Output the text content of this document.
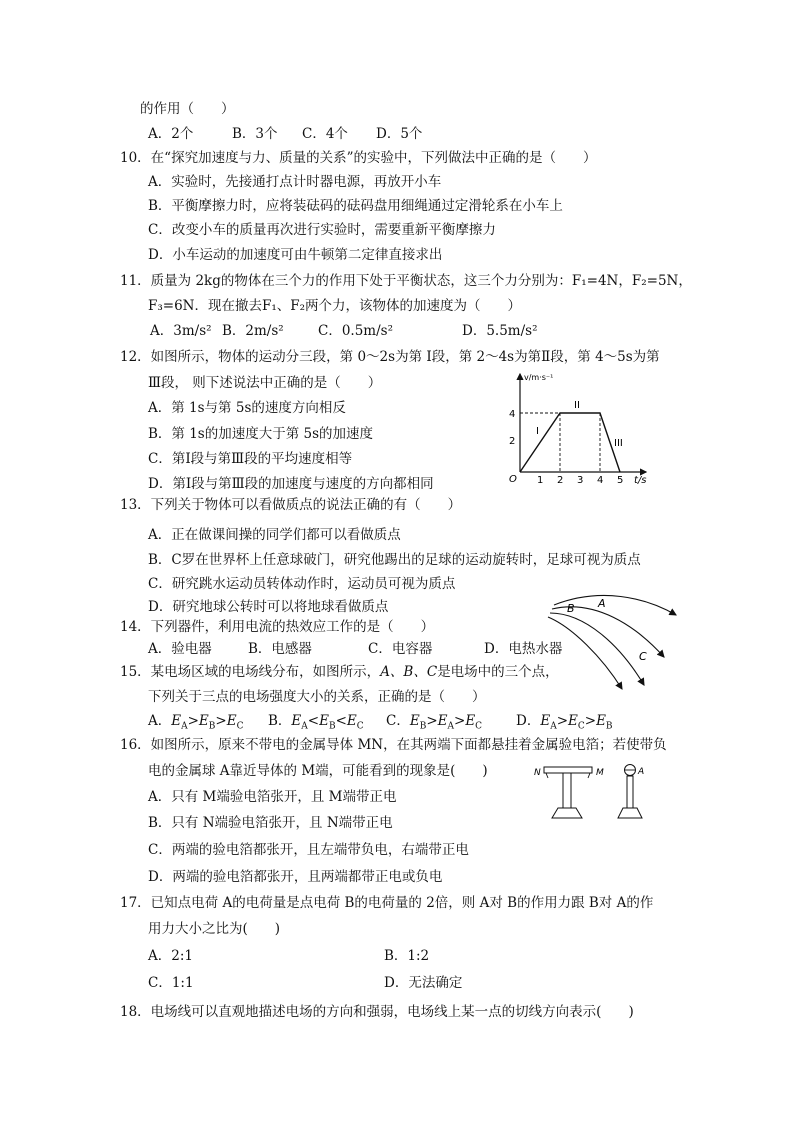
的作用（　　）
A．2个	B．3个 C．4个 D．5个
10．在“探究加速度与力、质量的关系”的实验中，下列做法中正确的是（　　）
A．实验时，先接通打点计时器电源，再放开小车
B．平衡摩擦力时，应将装砝码的砝码盘用细绳通过定滑轮系在小车上
C．改变小车的质量再次进行实验时，需要重新平衡摩擦力
D．小车运动的加速度可由牛顿第二定律直接求出
11．质量为 2kg的物体在三个力的作用下处于平衡状态，这三个力分别为：F₁=4N，F₂=5N，
F₃=6N．现在撤去F₁、F₂两个力，该物体的加速度为（　　）
A．3m/s² B．2m/s²	C．0.5m/s²	D．5.5m/s²
12．如图所示，物体的运动分三段，第 0～2s为第 I段，第 2～4s为第Ⅱ段，第 4～5s为第
Ⅲ段， 则下述说法中正确的是（　　）
A．第 1s与第 5s的速度方向相反
B．第 1s的加速度大于第 5s的加速度
C．第Ⅰ段与第Ⅲ段的平均速度相等
D．第Ⅰ段与第Ⅲ段的加速度与速度的方向都相同
v/m·s⁻¹
t/s
O
4
2
1 2 3 4 5
I
II
III
13．下列关于物体可以看做质点的说法正确的有（　　）
A．正在做课间操的同学们都可以看做质点
B．C罗在世界杯上任意球破门，研究他踢出的足球的运动旋转时，足球可视为质点
C．研究跳水运动员转体动作时，运动员可视为质点
D．研究地球公转时可以将地球看做质点
14．下列器件，利用电流的热效应工作的是（　　）
A．验电器	B．电感器	C．电容器	D．电热水器
15．某电场区域的电场线分布，如图所示，A、B、C是电场中的三个点，
下列关于三点的电场强度大小的关系，正确的是（　　）
A．$E_A>E_B>E_C$ B．$E_A<E_B<E_C$ C．$E_B>E_A>E_C$	D．$E_A>E_C>E_B$
A
B
C
16．如图所示，原来不带电的金属导体 MN，在其两端下面都悬挂着金属验电箔；若使带负
电的金属球 A靠近导体的 M端，可能看到的现象是(　　)
A．只有 M端验电箔张开，且 M端带正电
B．只有 N端验电箔张开，且 N端带正电
C．两端的验电箔都张开，且左端带负电，右端带正电
D．两端的验电箔都张开，且两端都带正电或负电
N	M	A
17．已知点电荷 A的电荷量是点电荷 B的电荷量的 2倍，则 A对 B的作用力跟 B对 A的作
用力大小之比为(　　)
A．2:1	B．1:2
C．1:1	D．无法确定
18．电场线可以直观地描述电场的方向和强弱，电场线上某一点的切线方向表示(　　)
